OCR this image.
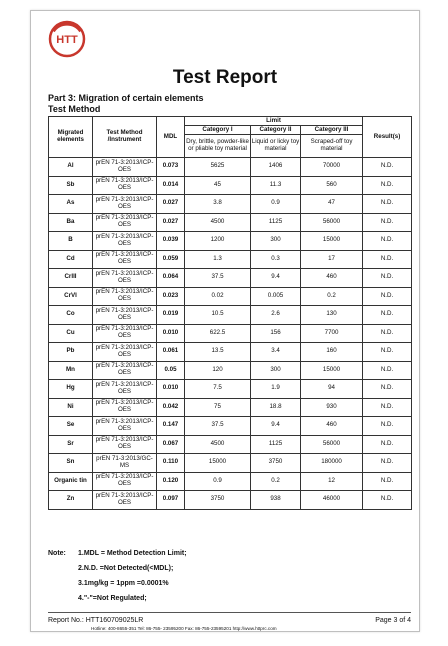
HTT
Test Report
Part 3: Migration of certain elements
Test Method
Migrated elements	Test Method /Instrument	MDL	Limit			Result(s)
			Category I	Category II	Category III	
			Dry, brittle, powder-like or pliable toy material	Liquid or licky toy material	Scraped-off toy material	
Al	prEN 71-3:2013/ICP-OES	0.073	5625	1406	70000	N.D.
Sb	prEN 71-3:2013/ICP-OES	0.014	45	11.3	560	N.D.
As	prEN 71-3:2013/ICP-OES	0.027	3.8	0.9	47	N.D.
Ba	prEN 71-3:2013/ICP-OES	0.027	4500	1125	56000	N.D.
B	prEN 71-3:2013/ICP-OES	0.039	1200	300	15000	N.D.
Cd	prEN 71-3:2013/ICP-OES	0.059	1.3	0.3	17	N.D.
CrIII	prEN 71-3:2013/ICP-OES	0.064	37.5	9.4	460	N.D.
CrVI	prEN 71-3:2013/ICP-OES	0.023	0.02	0.005	0.2	N.D.
Co	prEN 71-3:2013/ICP-OES	0.019	10.5	2.6	130	N.D.
Cu	prEN 71-3:2013/ICP-OES	0.010	622.5	156	7700	N.D.
Pb	prEN 71-3:2013/ICP-OES	0.061	13.5	3.4	160	N.D.
Mn	prEN 71-3:2013/ICP-OES	0.05	120	300	15000	N.D.
Hg	prEN 71-3:2013/ICP-OES	0.010	7.5	1.9	94	N.D.
Ni	prEN 71-3:2013/ICP-OES	0.042	75	18.8	930	N.D.
Se	prEN 71-3:2013/ICP-OES	0.147	37.5	9.4	460	N.D.
Sr	prEN 71-3:2013/ICP-OES	0.067	4500	1125	56000	N.D.
Sn	prEN 71-3:2013/GC-MS	0.110	15000	3750	180000	N.D.
Organic tin	prEN 71-3:2013/ICP-OES	0.120	0.9	0.2	12	N.D.
Zn	prEN 71-3:2013/ICP-OES	0.097	3750	938	46000	N.D.
Note: 1.MDL = Method Detection Limit;
2.N.D. =Not Detected(<MDL);
3.1mg/kg = 1ppm =0.0001%
4."-"=Not Regulated;
Report No.: HTT160709025LR	Page 3 of 4
Hotline: 400-8655-351 Tel: 86-755- 23595200 Fax: 86-755-23595201 http://www.httprc.com
